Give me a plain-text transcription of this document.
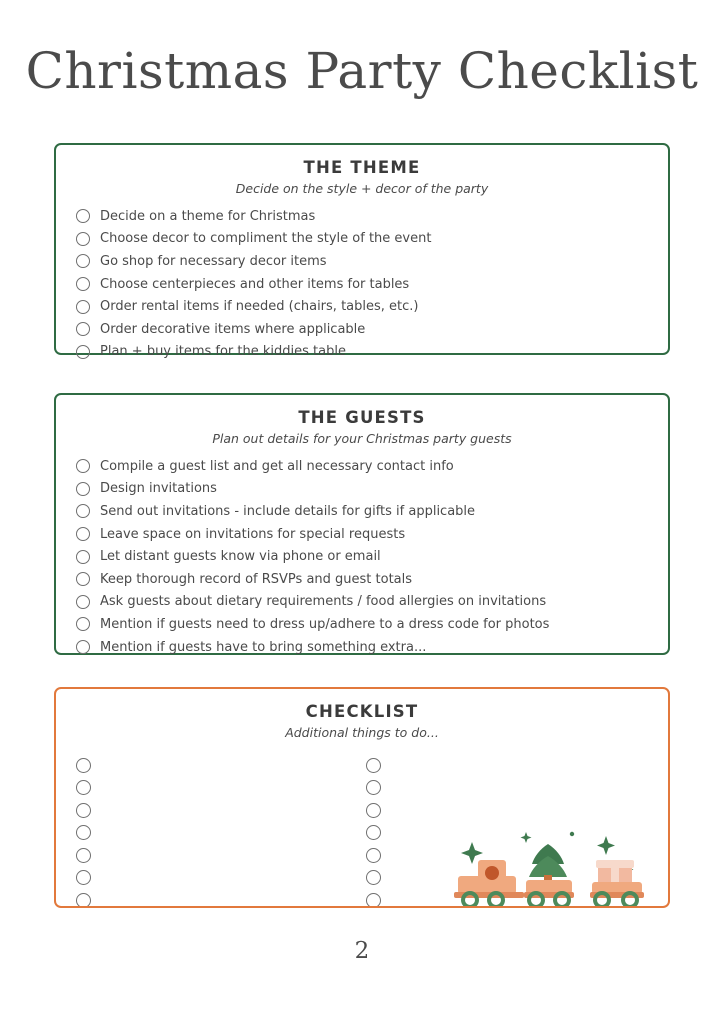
Christmas Party Checklist
THE THEME
Decide on the style + decor of the party
Decide on a theme for Christmas
Choose decor to compliment the style of the event
Go shop for necessary decor items
Choose centerpieces and other items for tables
Order rental items if needed (chairs, tables, etc.)
Order decorative items where applicable
Plan + buy items for the kiddies table
THE GUESTS
Plan out details for your Christmas party guests
Compile a guest list and get all necessary contact info
Design invitations
Send out invitations - include details for gifts if applicable
Leave space on invitations for special requests
Let distant guests know via phone or email
Keep thorough record of RSVPs and guest totals
Ask guests about dietary requirements / food allergies on invitations
Mention if guests need to dress up/adhere to a dress code for photos
Mention if guests have to bring something extra...
CHECKLIST
Additional things to do...
2
